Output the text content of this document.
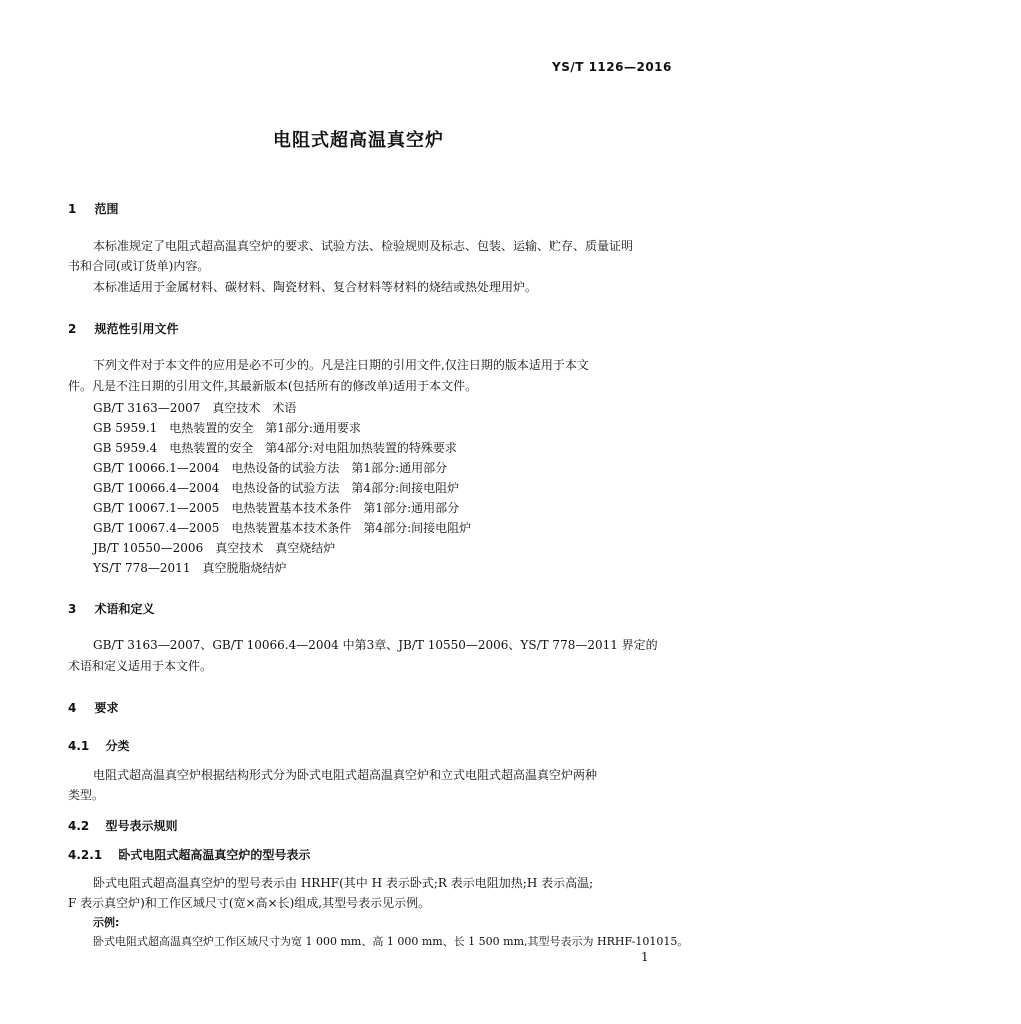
YS/T 1126—2016
电阻式超高温真空炉
1 范围
本标准规定了电阻式超高温真空炉的要求、试验方法、检验规则及标志、包装、运输、贮存、质量证明
书和合同(或订货单)内容。
本标准适用于金属材料、碳材料、陶瓷材料、复合材料等材料的烧结或热处理用炉。
2 规范性引用文件
下列文件对于本文件的应用是必不可少的。凡是注日期的引用文件,仅注日期的版本适用于本文
件。凡是不注日期的引用文件,其最新版本(包括所有的修改单)适用于本文件。
GB/T 3163—2007　真空技术　术语
GB 5959.1　电热装置的安全　第1部分:通用要求
GB 5959.4　电热装置的安全　第4部分:对电阻加热装置的特殊要求
GB/T 10066.1—2004　电热设备的试验方法　第1部分:通用部分
GB/T 10066.4—2004　电热设备的试验方法　第4部分:间接电阻炉
GB/T 10067.1—2005　电热装置基本技术条件　第1部分:通用部分
GB/T 10067.4—2005　电热装置基本技术条件　第4部分:间接电阻炉
JB/T 10550—2006　真空技术　真空烧结炉
YS/T 778—2011　真空脱脂烧结炉
3 术语和定义
GB/T 3163—2007、GB/T 10066.4—2004 中第3章、JB/T 10550—2006、YS/T 778—2011 界定的
术语和定义适用于本文件。
4 要求
4.1 分类
电阻式超高温真空炉根据结构形式分为卧式电阻式超高温真空炉和立式电阻式超高温真空炉两种
类型。
4.2 型号表示规则
4.2.1 卧式电阻式超高温真空炉的型号表示
卧式电阻式超高温真空炉的型号表示由 HRHF(其中 H 表示卧式;R 表示电阻加热;H 表示高温;
F 表示真空炉)和工作区域尺寸(宽×高×长)组成,其型号表示见示例。
示例:
卧式电阻式超高温真空炉工作区域尺寸为宽 1 000 mm、高 1 000 mm、长 1 500 mm,其型号表示为 HRHF-101015。
1
